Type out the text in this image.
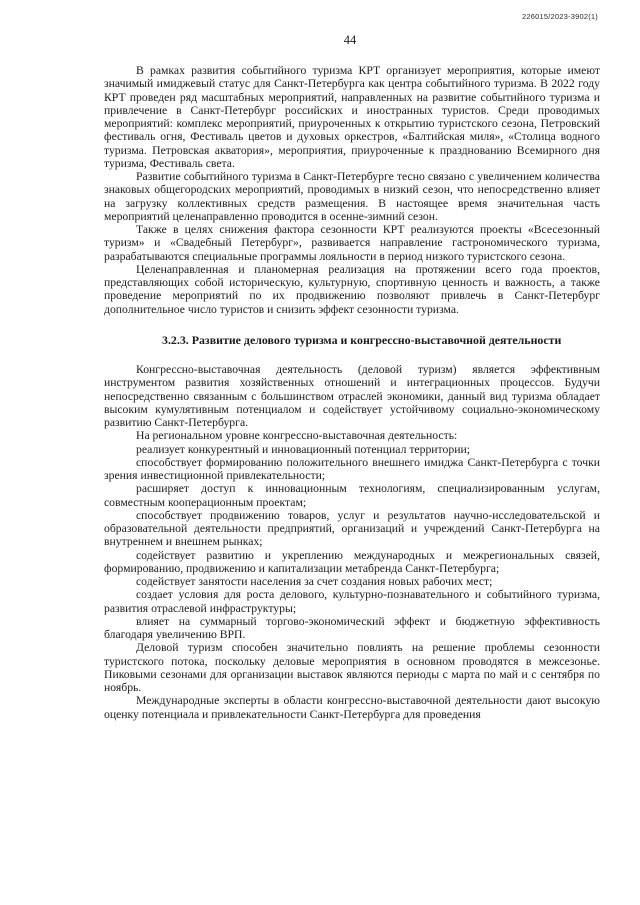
226015/2023-3902(1)
44

В рамках развития событийного туризма КРТ организует мероприятия, которые имеют значимый имиджевый статус для Санкт-Петербурга как центра событийного туризма. В 2022 году КРТ проведен ряд масштабных мероприятий, направленных на развитие событийного туризма и привлечение в Санкт-Петербург российских и иностранных туристов. Среди проводимых мероприятий: комплекс мероприятий, приуроченных к открытию туристского сезона, Петровский фестиваль огня, Фестиваль цветов и духовых оркестров, «Балтийская миля», «Столица водного туризма. Петровская акватория», мероприятия, приуроченные к празднованию Всемирного дня туризма, Фестиваль света.

Развитие событийного туризма в Санкт-Петербурге тесно связано с увеличением количества знаковых общегородских мероприятий, проводимых в низкий сезон, что непосредственно влияет на загрузку коллективных средств размещения. В настоящее время значительная часть мероприятий целенаправленно проводится в осенне-зимний сезон.

Также в целях снижения фактора сезонности КРТ реализуются проекты «Всесезонный туризм» и «Свадебный Петербург», развивается направление гастрономического туризма, разрабатываются специальные программы лояльности в период низкого туристского сезона.

Целенаправленная и планомерная реализация на протяжении всего года проектов, представляющих собой историческую, культурную, спортивную ценность и важность, а также проведение мероприятий по их продвижению позволяют привлечь в Санкт-Петербург дополнительное число туристов и снизить эффект сезонности туризма.

3.2.3. Развитие делового туризма и конгрессно-выставочной деятельности

Конгрессно-выставочная деятельность (деловой туризм) является эффективным инструментом развития хозяйственных отношений и интеграционных процессов. Будучи непосредственно связанным с большинством отраслей экономики, данный вид туризма обладает высоким кумулятивным потенциалом и содействует устойчивому социально-экономическому развитию Санкт-Петербурга.

На региональном уровне конгрессно-выставочная деятельность:

реализует конкурентный и инновационный потенциал территории;

способствует формированию положительного внешнего имиджа Санкт-Петербурга с точки зрения инвестиционной привлекательности;

расширяет доступ к инновационным технологиям, специализированным услугам, совместным кооперационным проектам;

способствует продвижению товаров, услуг и результатов научно-исследовательской и образовательной деятельности предприятий, организаций и учреждений Санкт-Петербурга на внутреннем и внешнем рынках;

содействует развитию и укреплению международных и межрегиональных связей, формированию, продвижению и капитализации метабренда Санкт-Петербурга;

содействует занятости населения за счет создания новых рабочих мест;

создает условия для роста делового, культурно-познавательного и событийного туризма, развития отраслевой инфраструктуры;

влияет на суммарный торгово-экономический эффект и бюджетную эффективность благодаря увеличению ВРП.

Деловой туризм способен значительно повлиять на решение проблемы сезонности туристского потока, поскольку деловые мероприятия в основном проводятся в межсезонье. Пиковыми сезонами для организации выставок являются периоды с марта по май и с сентября по ноябрь.

Международные эксперты в области конгрессно-выставочной деятельности дают высокую оценку потенциала и привлекательности Санкт-Петербурга для проведения
